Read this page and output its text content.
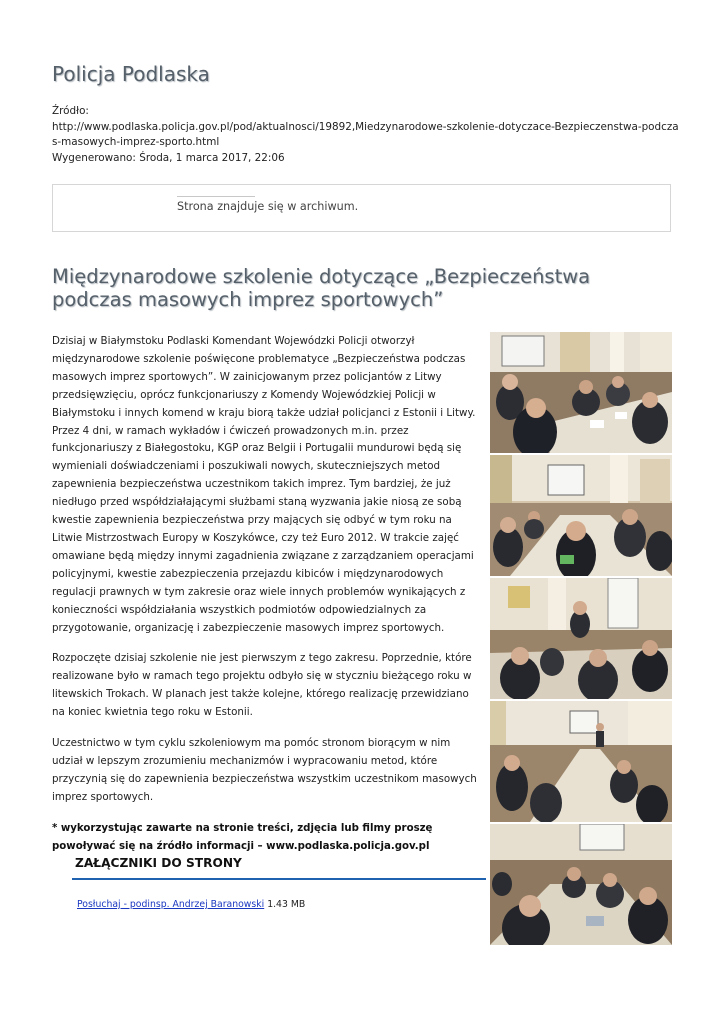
Policja Podlaska
Źródło:
http://www.podlaska.policja.gov.pl/pod/aktualnosci/19892,Miedzynarodowe-szkolenie-dotyczace-Bezpieczenstwa-podczas-masowych-imprez-sporto.html
Wygenerowano: Środa, 1 marca 2017, 22:06
Strona znajduje się w archiwum.
Międzynarodowe szkolenie dotyczące „Bezpieczeństwa podczas masowych imprez sportowych”

Dzisiaj w Białymstoku Podlaski Komendant Wojewódzki Policji otworzył międzynarodowe szkolenie poświęcone problematyce „Bezpieczeństwa podczas masowych imprez sportowych”. W zainicjowanym przez policjantów z Litwy przedsięwzięciu, oprócz funkcjonariuszy z Komendy Wojewódzkiej Policji w Białymstoku i innych komend w kraju biorą także udział policjanci z Estonii i Litwy. Przez 4 dni, w ramach wykładów i ćwiczeń prowadzonych m.in. przez funkcjonariuszy z Białegostoku, KGP oraz Belgii i Portugalii mundurowi będą się wymieniali doświadczeniami i poszukiwali nowych, skuteczniejszych metod zapewnienia bezpieczeństwa uczestnikom takich imprez. Tym bardziej, że już niedługo przed współdziałającymi służbami staną wyzwania jakie niosą ze sobą kwestie zapewnienia bezpieczeństwa przy mających się odbyć w tym roku na Litwie Mistrzostwach Europy w Koszykówce, czy też Euro 2012. W trakcie zajęć omawiane będą między innymi zagadnienia związane z zarządzaniem operacjami policyjnymi, kwestie zabezpieczenia przejazdu kibiców i międzynarodowych regulacji prawnych w tym zakresie oraz wiele innych problemów wynikających z konieczności współdziałania wszystkich podmiotów odpowiedzialnych za przygotowanie, organizację i zabezpieczenie masowych imprez sportowych.

Rozpoczęte dzisiaj szkolenie nie jest pierwszym z tego zakresu. Poprzednie, które realizowane było w ramach tego projektu odbyło się w styczniu bieżącego roku w litewskich Trokach. W planach jest także kolejne, którego realizację przewidziano na koniec kwietnia tego roku w Estonii.

Uczestnictwo w tym cyklu szkoleniowym ma pomóc stronom biorącym w nim udział w lepszym zrozumieniu mechanizmów i wypracowaniu metod, które przyczynią się do zapewnienia bezpieczeństwa wszystkim uczestnikom masowych imprez sportowych.

* wykorzystując zawarte na stronie treści, zdjęcia lub filmy proszę powoływać się na źródło informacji – www.podlaska.policja.gov.pl

ZAŁĄCZNIKI DO STRONY
Posłuchaj - podinsp. Andrzej Baranowski 1.43 MB
